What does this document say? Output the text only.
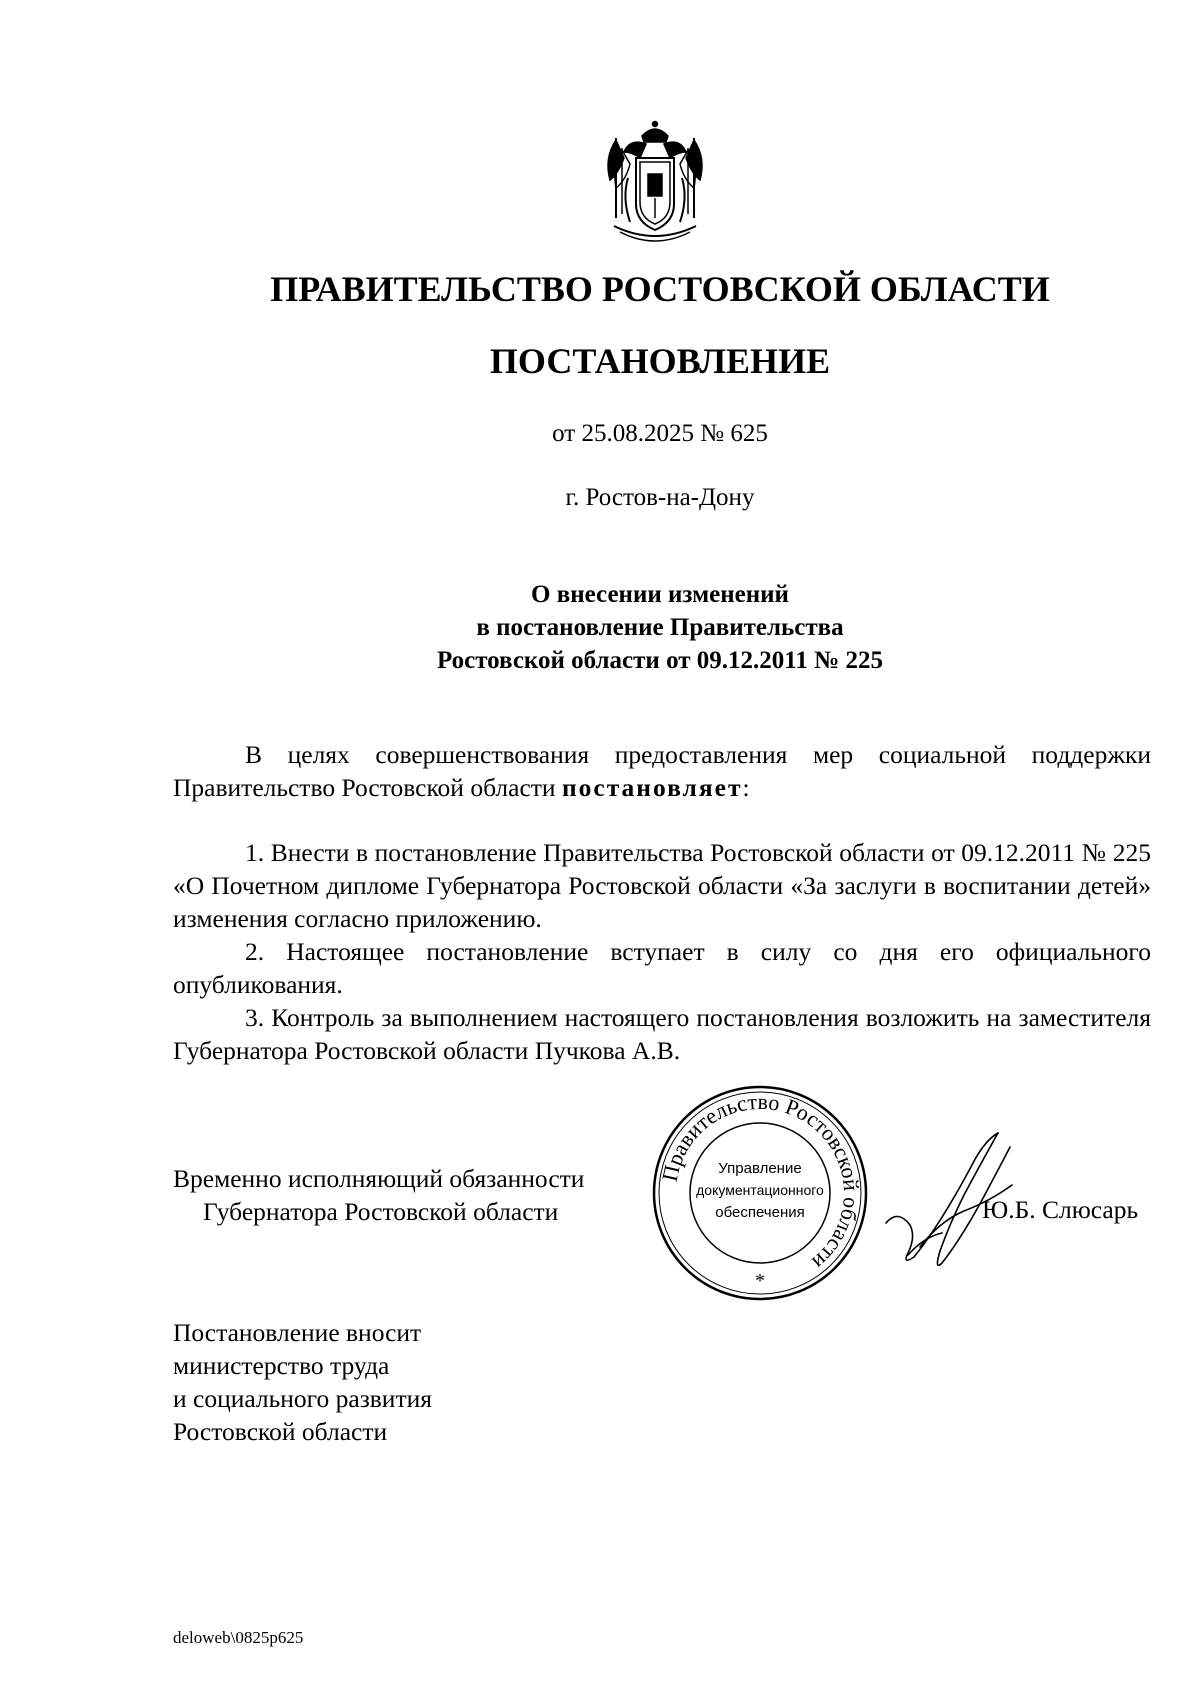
ПРАВИТЕЛЬСТВО РОСТОВСКОЙ ОБЛАСТИ
ПОСТАНОВЛЕНИЕ
от 25.08.2025 № 625
г. Ростов-на-Дону
О внесении изменений
в постановление Правительства
Ростовской области от 09.12.2011 № 225

В целях совершенствования предоставления мер социальной поддержки Правительство Ростовской области постановляет:

1. Внести в постановление Правительства Ростовской области от 09.12.2011 № 225 «О Почетном дипломе Губернатора Ростовской области «За заслуги в воспитании детей» изменения согласно приложению.

2. Настоящее постановление вступает в силу со дня его официального опубликования.

3. Контроль за выполнением настоящего постановления возложить на заместителя Губернатора Ростовской области Пучкова А.В.

Временно исполняющий обязанности
Губернатора Ростовской области
Правительство Ростовской области
Управление
документационного
обеспечения
*
Ю.Б. Слюсарь
Постановление вносит
министерство труда
и социального развития
Ростовской области
deloweb\0825p625
